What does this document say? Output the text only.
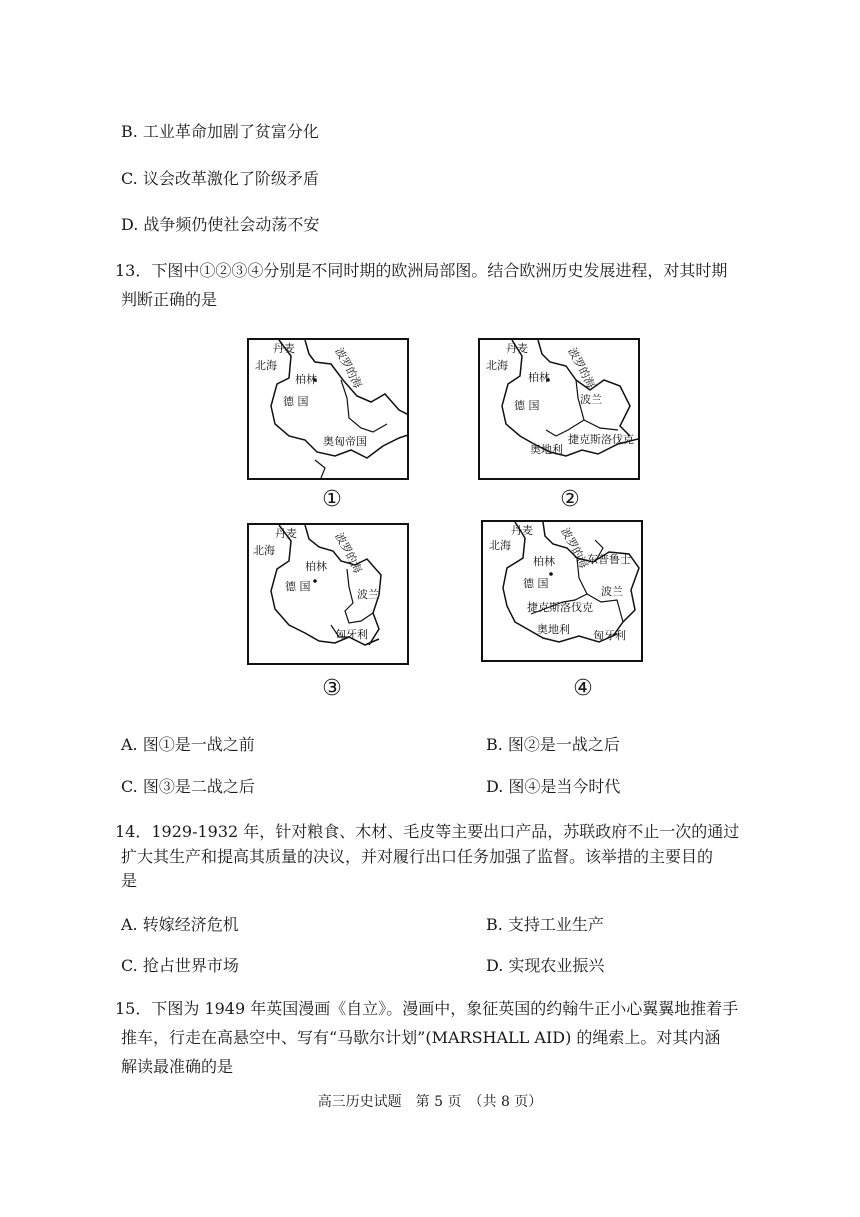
B. 工业革命加剧了贫富分化
C. 议会改革激化了阶级矛盾
D. 战争频仍使社会动荡不安
13．下图中①②③④分别是不同时期的欧洲局部图。结合欧洲历史发展进程，对其时期
判断正确的是
丹麦
北海	波罗的海
柏林
德 国
奥匈帝国
①
丹麦
北海	波罗的海
柏林
德 国	波兰
捷克斯洛伐克
奥地利
②
丹麦
北海	波罗的海
柏林
德 国
波兰
匈牙利
③
丹麦
北海	波罗的海
柏林
德 国
东普鲁士
波兰
捷克斯洛伐克
奥地利 匈牙利
④
A. 图①是一战之前	B. 图②是一战之后
C. 图③是二战之后	D. 图④是当今时代
14．1929-1932 年，针对粮食、木材、毛皮等主要出口产品，苏联政府不止一次的通过
扩大其生产和提高其质量的决议，并对履行出口任务加强了监督。该举措的主要目的
是
A. 转嫁经济危机	B. 支持工业生产
C. 抢占世界市场	D. 实现农业振兴
15．下图为 1949 年英国漫画《自立》。漫画中，象征英国的约翰牛正小心翼翼地推着手
推车，行走在高悬空中、写有“马歇尔计划”(MARSHALL AID) 的绳索上。对其内涵
解读最准确的是
高三历史试题　第 5 页　（共 8 页）
